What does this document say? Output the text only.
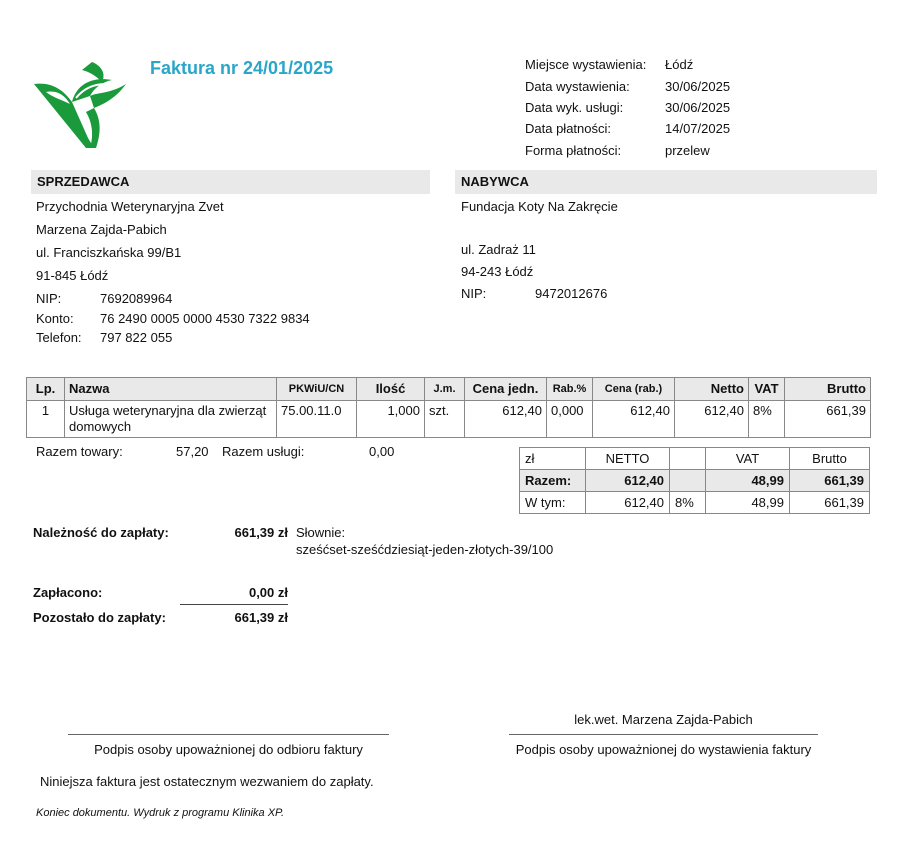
Faktura nr 24/01/2025	Miejsce wystawienia: Łódź
Data wystawienia:	30/06/2025
Data wyk. usługi:	30/06/2025
Data płatności:	14/07/2025
Forma płatności:	przelew
SPRZEDAWCA
Przychodnia Weterynaryjna Zvet
Marzena Zajda-Pabich
ul. Franciszkańska 99/B1
91-845 Łódź
NIP:	7692089964
Konto: 76 2490 0005 0000 4530 7322 9834
Telefon: 797 822 055
NABYWCA
Fundacja Koty Na Zakręcie
ul. Zadraż 11
94-243 Łódź
NIP:	9472012676
Lp.	Nazwa	PKWiU/CN	Ilość	J.m.	Cena jedn.	Rab.%	Cena (rab.)	Netto	VAT	Brutto
1	Usługa weterynaryjna dla zwierząt domowych	75.00.11.0	1,000	szt.	612,40	0,000	612,40	612,40	8%	661,39
Razem towary:	57,20 Razem usługi:	0,00	zł	NETTO		VAT	Brutto
Razem:	612,40		48,99	661,39
W tym:	612,40	8%	48,99	661,39
Należność do zapłaty:	661,39 zł Słownie:
sześćset-sześćdziesiąt-jeden-złotych-39/100
Zapłacono:	0,00 zł
Pozostało do zapłaty:	661,39 zł
lek.wet. Marzena Zajda-Pabich
Podpis osoby upoważnionej do odbioru faktury	Podpis osoby upoważnionej do wystawienia faktury
Niniejsza faktura jest ostatecznym wezwaniem do zapłaty.
Koniec dokumentu. Wydruk z programu Klinika XP.
